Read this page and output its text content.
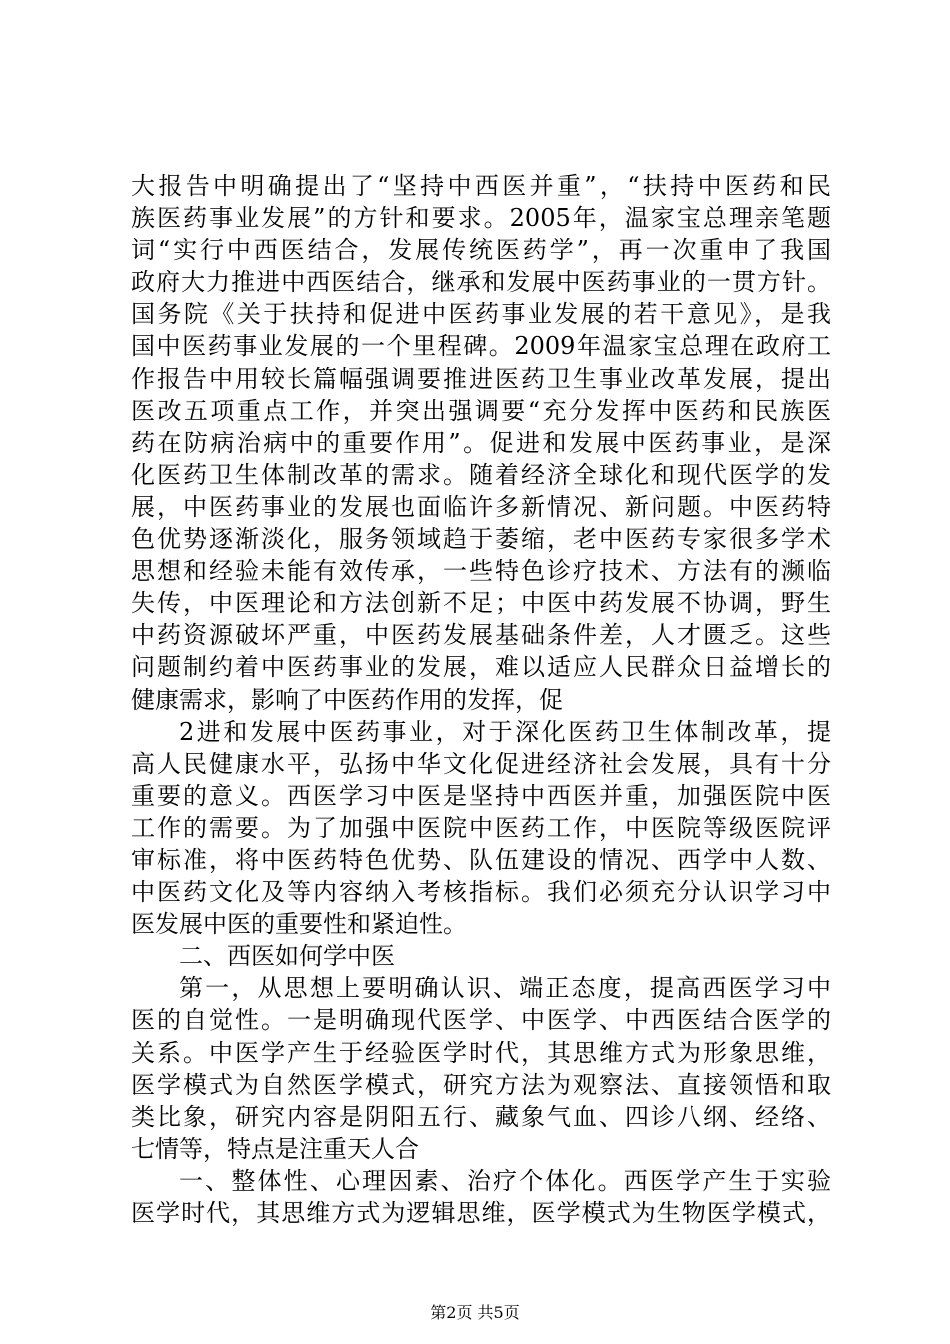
大报告中明确提出了“坚持中西医并重”，“扶持中医药和民
族医药事业发展”的方针和要求。2005年，温家宝总理亲笔题
词“实行中西医结合，发展传统医药学”，再一次重申了我国
政府大力推进中西医结合，继承和发展中医药事业的一贯方针。
国务院《关于扶持和促进中医药事业发展的若干意见》，是我
国中医药事业发展的一个里程碑。2009年温家宝总理在政府工
作报告中用较长篇幅强调要推进医药卫生事业改革发展，提出
医改五项重点工作，并突出强调要“充分发挥中医药和民族医
药在防病治病中的重要作用”。促进和发展中医药事业，是深
化医药卫生体制改革的需求。随着经济全球化和现代医学的发
展，中医药事业的发展也面临许多新情况、新问题。中医药特
色优势逐渐淡化，服务领域趋于萎缩，老中医药专家很多学术
思想和经验未能有效传承，一些特色诊疗技术、方法有的濒临
失传，中医理论和方法创新不足；中医中药发展不协调，野生
中药资源破坏严重，中医药发展基础条件差，人才匮乏。这些
问题制约着中医药事业的发展，难以适应人民群众日益增长的
健康需求，影响了中医药作用的发挥，促
2进和发展中医药事业，对于深化医药卫生体制改革，提
高人民健康水平，弘扬中华文化促进经济社会发展，具有十分
重要的意义。西医学习中医是坚持中西医并重，加强医院中医
工作的需要。为了加强中医院中医药工作，中医院等级医院评
审标准，将中医药特色优势、队伍建设的情况、西学中人数、
中医药文化及等内容纳入考核指标。我们必须充分认识学习中
医发展中医的重要性和紧迫性。
二、西医如何学中医
第一，从思想上要明确认识、端正态度，提高西医学习中
医的自觉性。一是明确现代医学、中医学、中西医结合医学的
关系。中医学产生于经验医学时代，其思维方式为形象思维，
医学模式为自然医学模式，研究方法为观察法、直接领悟和取
类比象，研究内容是阴阳五行、藏象气血、四诊八纲、经络、
七情等，特点是注重天人合
一、整体性、心理因素、治疗个体化。西医学产生于实验
医学时代，其思维方式为逻辑思维，医学模式为生物医学模式，
第2页 共5页
